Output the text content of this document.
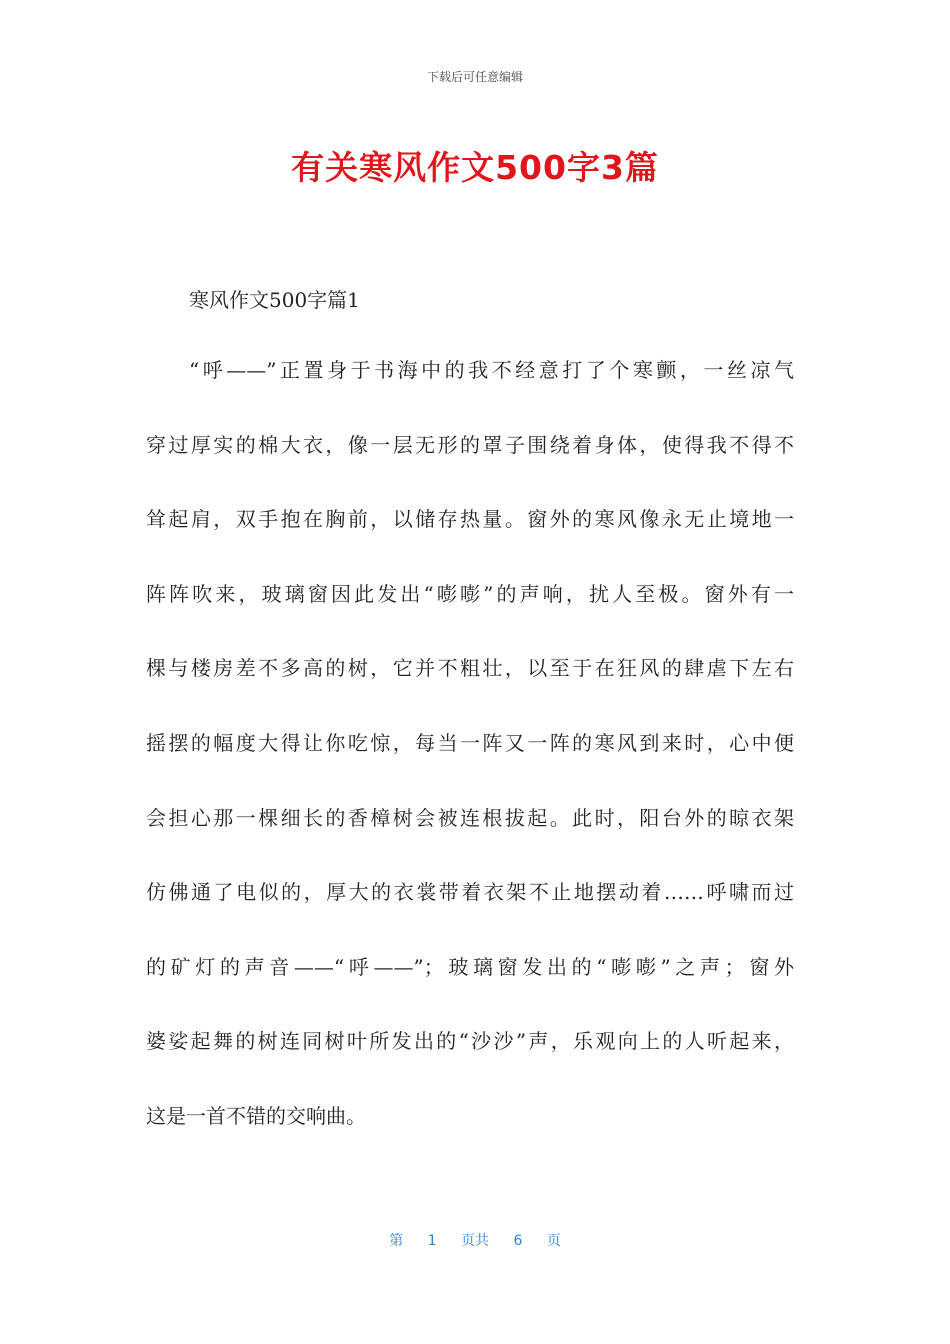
下载后可任意编辑
有关寒风作文500字3篇
寒风作文500字篇1
“呼——”正置身于书海中的我不经意打了个寒颤，一丝凉气
穿过厚实的棉大衣，像一层无形的罩子围绕着身体，使得我不得不
耸起肩，双手抱在胸前，以储存热量。窗外的寒风像永无止境地一
阵阵吹来，玻璃窗因此发出“嘭嘭”的声响，扰人至极。窗外有一
棵与楼房差不多高的树，它并不粗壮，以至于在狂风的肆虐下左右
摇摆的幅度大得让你吃惊，每当一阵又一阵的寒风到来时，心中便
会担心那一棵细长的香樟树会被连根拔起。此时，阳台外的晾衣架
仿佛通了电似的，厚大的衣裳带着衣架不止地摆动着……呼啸而过
的矿灯的声音——“呼——”；玻璃窗发出的“嘭嘭”之声；窗外
婆娑起舞的树连同树叶所发出的“沙沙”声，乐观向上的人听起来，
这是一首不错的交响曲。
第 1 页共 6 页
